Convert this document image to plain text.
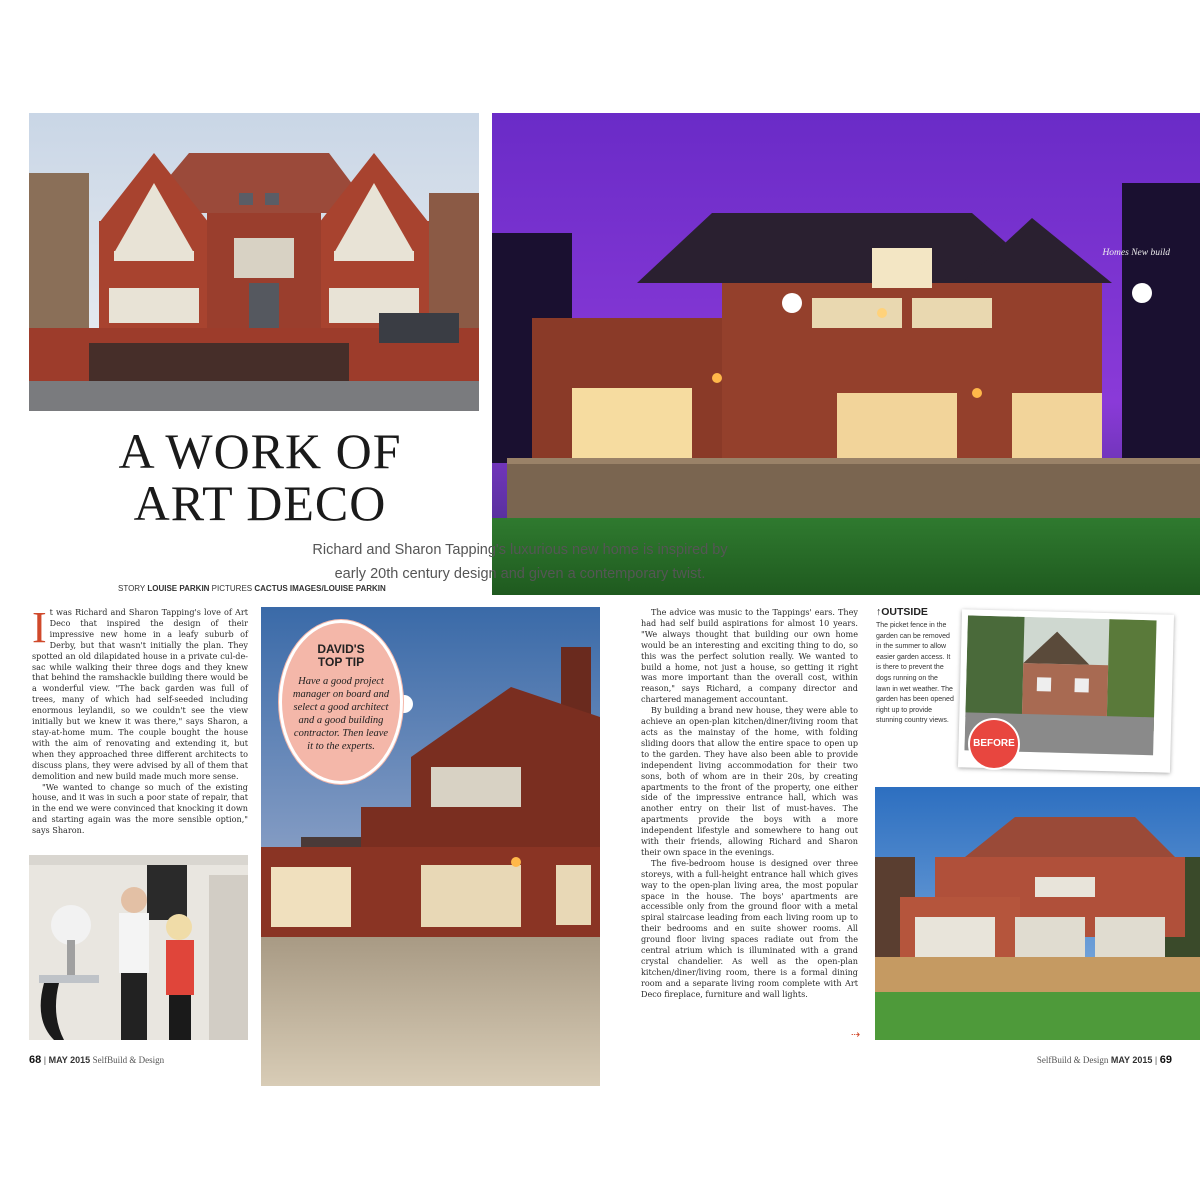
Homes New build
A WORK OF
ART DECO
Richard and Sharon Tapping's luxurious new home is inspired by
early 20th century design and given a contemporary twist.
STORY LOUISE PARKIN PICTURES CACTUS IMAGES/LOUISE PARKIN

It was Richard and Sharon Tapping's love of Art Deco that inspired the design of their impressive new home in a leafy suburb of Derby, but that wasn't initially the plan. They spotted an old dilapidated house in a private cul-de-sac while walking their three dogs and they knew that behind the ramshackle building there would be a wonderful view. "The back garden was full of trees, many of which had self-seeded including enormous leylandii, so we couldn't see the view initially but we knew it was there," says Sharon, a stay-at-home mum. The couple bought the house with the aim of renovating and extending it, but when they approached three different architects to discuss plans, they were advised by all of them that demolition and new build made much more sense.

"We wanted to change so much of the existing house, and it was in such a poor state of repair, that in the end we were convinced that knocking it down and starting again was the more sensible option," says Sharon.

DAVID'S
TOP TIP
Have a good project manager on board and select a good architect and a good building contractor. Then leave it to the experts.

The advice was music to the Tappings' ears. They had had self build aspirations for almost 10 years. "We always thought that building our own home would be an interesting and exciting thing to do, so this was the perfect solution really. We wanted to build a home, not just a house, so getting it right was more important than the overall cost, within reason," says Richard, a company director and chartered management accountant.

By building a brand new house, they were able to achieve an open-plan kitchen/diner/living room that acts as the mainstay of the home, with folding sliding doors that allow the entire space to open up to the garden. They have also been able to provide independent living accommodation for their two sons, both of whom are in their 20s, by creating apartments to the front of the property, one either side of the impressive entrance hall, which was another entry on their list of must-haves. The apartments provide the boys with a more independent lifestyle and somewhere to hang out with their friends, allowing Richard and Sharon their own space in the evenings.

The five-bedroom house is designed over three storeys, with a full-height entrance hall which gives way to the open-plan living area, the most popular space in the house. The boys' apartments are accessible only from the ground floor with a metal spiral staircase leading from each living room up to their bedrooms and en suite shower rooms. All ground floor living spaces radiate out from the central atrium which is illuminated with a grand crystal chandelier. As well as the open-plan kitchen/diner/living room, there is a formal dining room and a separate living room complete with Art Deco fireplace, furniture and wall lights.

⇢
↑OUTSIDE
The picket fence in the garden can be removed in the summer to allow easier garden access. It is there to prevent the dogs running on the lawn in wet weather. The garden has been opened right up to provide stunning country views.
BEFORE
68 | MAY 2015 SelfBuild & Design	SelfBuild & Design MAY 2015 | 69
